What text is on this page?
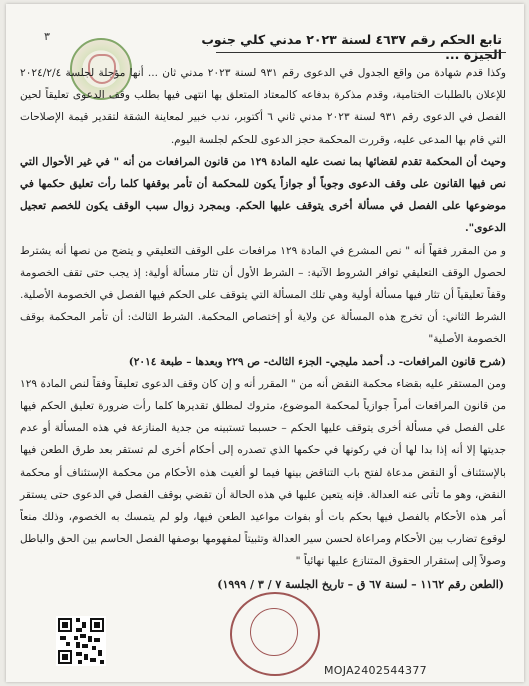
٣	تابع الحكم رقم ٤٦٣٧ لسنة ٢٠٢٣ مدني كلي جنوب الجيزة ...

وكذا قدم شهادة من واقع الجدول في الدعوى رقم ٩٣١ لسنة ٢٠٢٣ مدني ثان ... أنها مؤجلة لجلسة ٢٠٢٤/٢/٤ للإعلان بالطلبات الختامية، وقدم مذكرة بدفاعه كالمعتاد المتعلق بها انتهى فيها بطلب وقف الدعوى تعليقاً لحين الفصل في الدعوى رقم ٩٣١ لسنة ٢٠٢٣ مدني ثاني ٦ أكتوبر، ندب خبير لمعاينة الشقة لتقدير قيمة الإصلاحات التي قام بها المدعى عليه، وقررت المحكمة حجز الدعوى للحكم لجلسة اليوم.

وحيث أن المحكمة تقدم لقضائها بما نصت عليه المادة ١٢٩ من قانون المرافعات من أنه " في غير الأحوال التي نص فيها القانون على وقف الدعوى وجوباً أو جوازاً يكون للمحكمة أن تأمر بوقفها كلما رأت تعليق حكمها في موضوعها على الفصل في مسألة أخرى يتوقف عليها الحكم. وبمجرد زوال سبب الوقف يكون للخصم تعجيل الدعوى".

و من المقرر فقهاً أنه " نص المشرع في المادة ١٢٩ مرافعات على الوقف التعليقي و يتضح من نصها أنه يشترط لحصول الوقف التعليقي توافر الشروط الآتية: – الشرط الأول أن تثار مسألة أولية: إذ يجب حتى تقف الخصومة وقفاً تعليقياً أن تثار فيها مسألة أولية وهي تلك المسألة التي يتوقف على الحكم فيها الفصل في الخصومة الأصلية. الشرط الثاني: أن تخرج هذه المسألة عن ولاية أو إختصاص المحكمة. الشرط الثالث: أن تأمر المحكمة بوقف الخصومة الأصلية"

(شرح قانون المرافعات- د. أحمد مليجي- الجزء الثالث- ص ٢٢٩ وبعدها – طبعة ٢٠١٤)

ومن المستقر عليه بقضاء محكمة النقض أنه من " المقرر أنه و إن كان وقف الدعوى تعليقاً وفقاً لنص المادة ١٢٩ من قانون المرافعات أمراً جوازياً لمحكمة الموضوع، متروك لمطلق تقديرها كلما رأت ضرورة تعليق الحكم فيها على الفصل في مسألة أخرى يتوقف عليها الحكم – حسبما تستبينه من جدية المنازعة في هذه المسألة أو عدم جديتها إلا أنه إذا بدا لها أن في ركونها في حكمها الذي تصدره إلى أحكام أخرى لم تستقر بعد طرق الطعن فيها بالإستئناف أو النقض مدعاة لفتح باب التناقض بينها فيما لو ألغيت هذه الأحكام من محكمة الإستئناف أو محكمة النقض، وهو ما تأتى عنه العدالة. فإنه يتعين عليها في هذه الحالة أن تقضي بوقف الفصل في الدعوى حتى يستقر أمر هذه الأحكام بالفصل فيها بحكم بات أو بفوات مواعيد الطعن فيها، ولو لم يتمسك به الخصوم، وذلك منعاً لوقوع تضارب بين الأحكام ومراعاة لحسن سير العدالة وتثبيتاً لمفهومها بوصفها الفصل الحاسم بين الحق والباطل وصولاً إلى إستقرار الحقوق المتنازع عليها نهائياً "

(الطعن رقم ١١٦٢ – لسنة ٦٧ ق – تاريخ الجلسة ٧ / ٣ / ١٩٩٩)
MOJA2402544377
